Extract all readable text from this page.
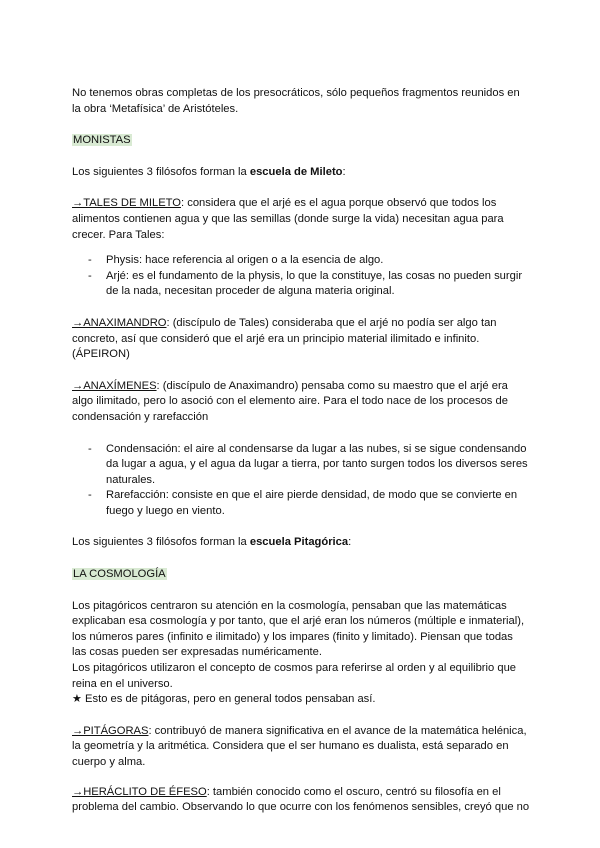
No tenemos obras completas de los presocráticos, sólo pequeños fragmentos reunidos en la obra ‘Metafísica’ de Aristóteles.

MONISTAS

Los siguientes 3 filósofos forman la escuela de Mileto:

→TALES DE MILETO: considera que el arjé es el agua porque observó que todos los alimentos contienen agua y que las semillas (donde surge la vida) necesitan agua para crecer. Para Tales:

- Physis: hace referencia al origen o a la esencia de algo.
- Arjé: es el fundamento de la physis, lo que la constituye, las cosas no pueden surgir de la nada, necesitan proceder de alguna materia original.

→ANAXIMANDRO: (discípulo de Tales) consideraba que el arjé no podía ser algo tan concreto, así que consideró que el arjé era un principio material ilimitado e infinito. (ÁPEIRON)

→ANAXÍMENES: (discípulo de Anaximandro) pensaba como su maestro que el arjé era algo ilimitado, pero lo asoció con el elemento aire. Para el todo nace de los procesos de condensación y rarefacción

- Condensación: el aire al condensarse da lugar a las nubes, si se sigue condensando da lugar a agua, y el agua da lugar a tierra, por tanto surgen todos los diversos seres naturales.
- Rarefacción: consiste en que el aire pierde densidad, de modo que se convierte en fuego y luego en viento.

Los siguientes 3 filósofos forman la escuela Pitagórica:

LA COSMOLOGÍA

Los pitagóricos centraron su atención en la cosmología, pensaban que las matemáticas explicaban esa cosmología y por tanto, que el arjé eran los números (múltiple e inmaterial), los números pares (infinito e ilimitado) y los impares (finito y limitado). Piensan que todas las cosas pueden ser expresadas numéricamente.

Los pitagóricos utilizaron el concepto de cosmos para referirse al orden y al equilibrio que reina en el universo.

★ Esto es de pitágoras, pero en general todos pensaban así.

→PITÁGORAS: contribuyó de manera significativa en el avance de la matemática helénica, la geometría y la aritmética. Considera que el ser humano es dualista, está separado en cuerpo y alma.

→HERÁCLITO DE ÉFESO: también conocido como el oscuro, centró su filosofía en el problema del cambio. Observando lo que ocurre con los fenómenos sensibles, creyó que no
